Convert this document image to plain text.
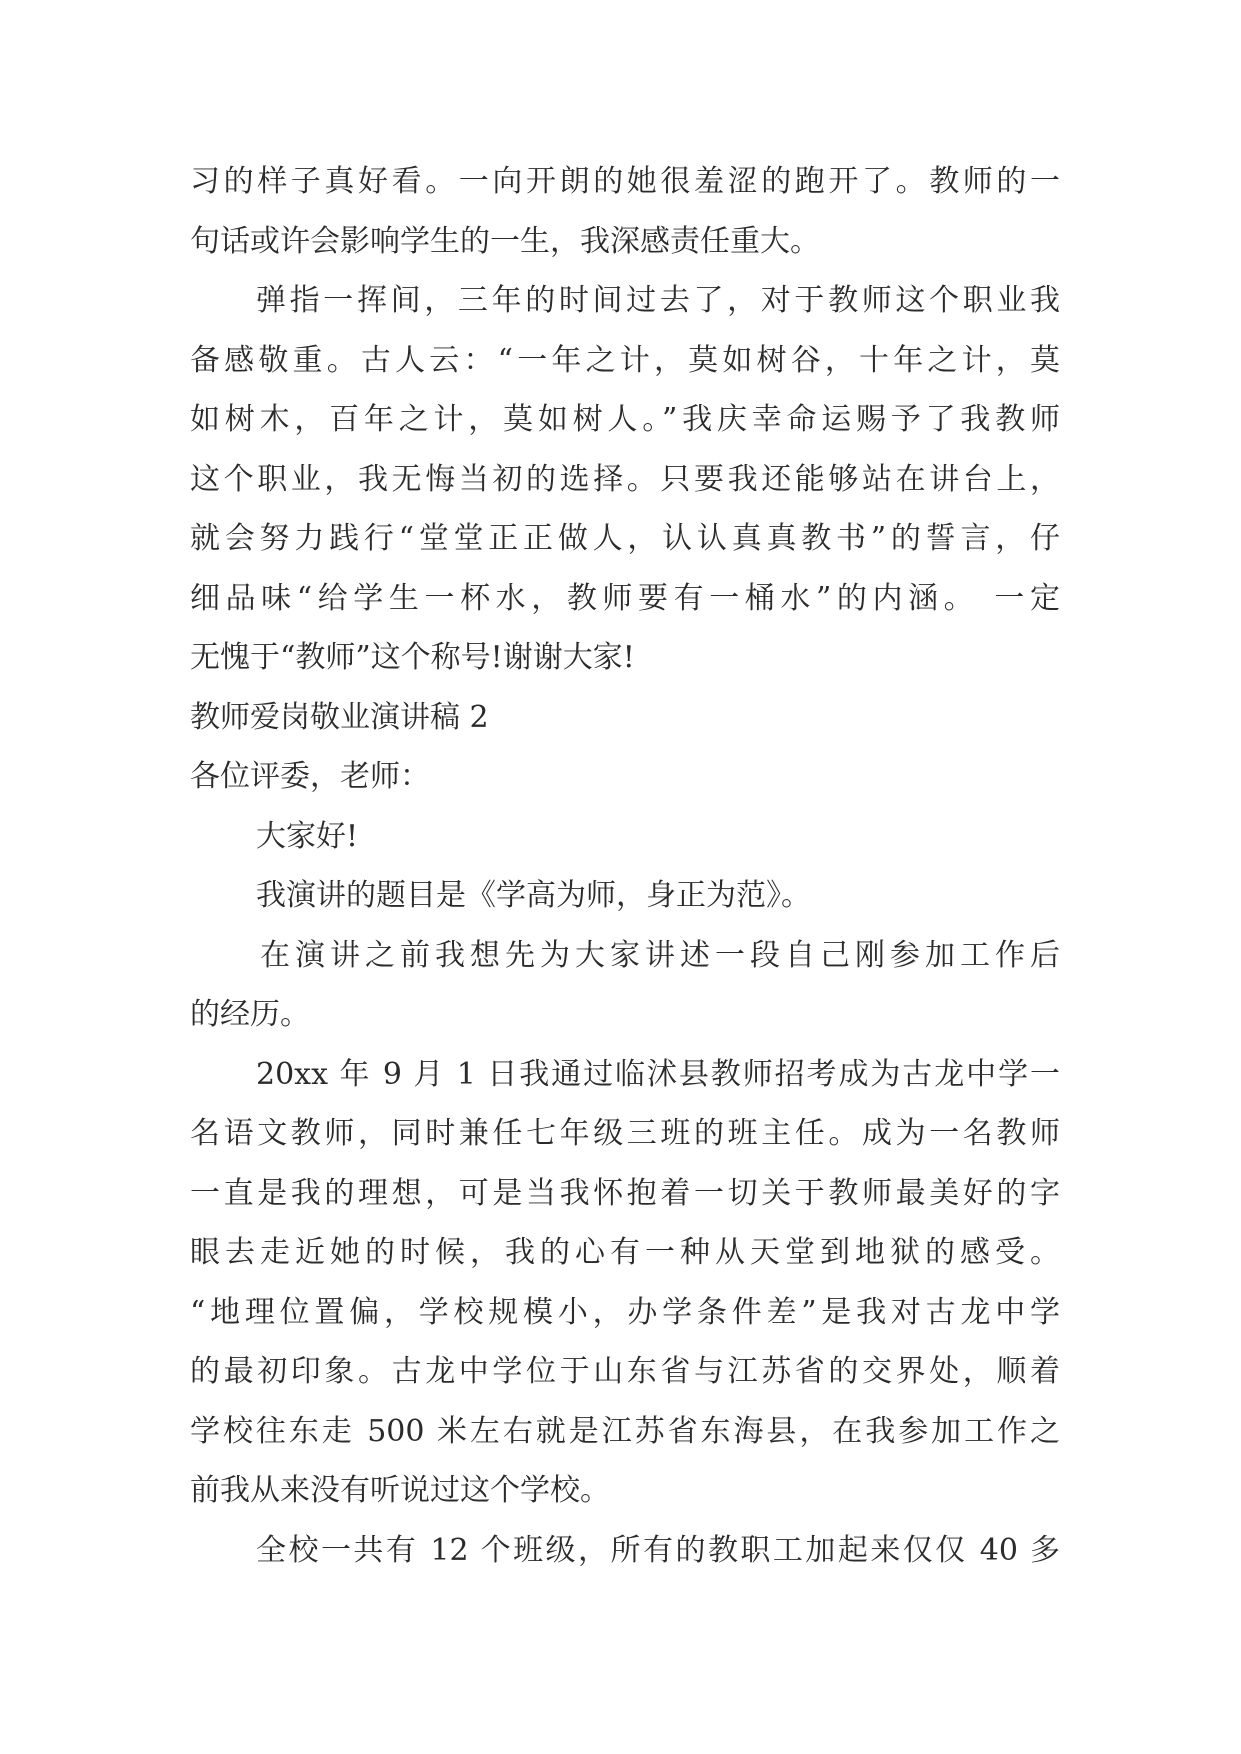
习的样子真好看。一向开朗的她很羞涩的跑开了。教师的一
句话或许会影响学生的一生，我深感责任重大。
弹指一挥间，三年的时间过去了，对于教师这个职业我
备感敬重。古人云：“一年之计，莫如树谷，十年之计，莫
如树木，百年之计，莫如树人。”我庆幸命运赐予了我教师
这个职业，我无悔当初的选择。只要我还能够站在讲台上，
就会努力践行“堂堂正正做人，认认真真教书”的誓言，仔
细品味“给学生一杯水，教师要有一桶水”的内涵。 一定
无愧于“教师”这个称号!谢谢大家!
教师爱岗敬业演讲稿 2
各位评委，老师：
大家好!
我演讲的题目是《学高为师，身正为范》。
在演讲之前我想先为大家讲述一段自己刚参加工作后
的经历。
20xx 年 9 月 1 日我通过临沭县教师招考成为古龙中学一
名语文教师，同时兼任七年级三班的班主任。成为一名教师
一直是我的理想，可是当我怀抱着一切关于教师最美好的字
眼去走近她的时候，我的心有一种从天堂到地狱的感受。
“地理位置偏，学校规模小，办学条件差”是我对古龙中学
的最初印象。古龙中学位于山东省与江苏省的交界处，顺着
学校往东走 500 米左右就是江苏省东海县，在我参加工作之
前我从来没有听说过这个学校。
全校一共有 12 个班级，所有的教职工加起来仅仅 40 多
